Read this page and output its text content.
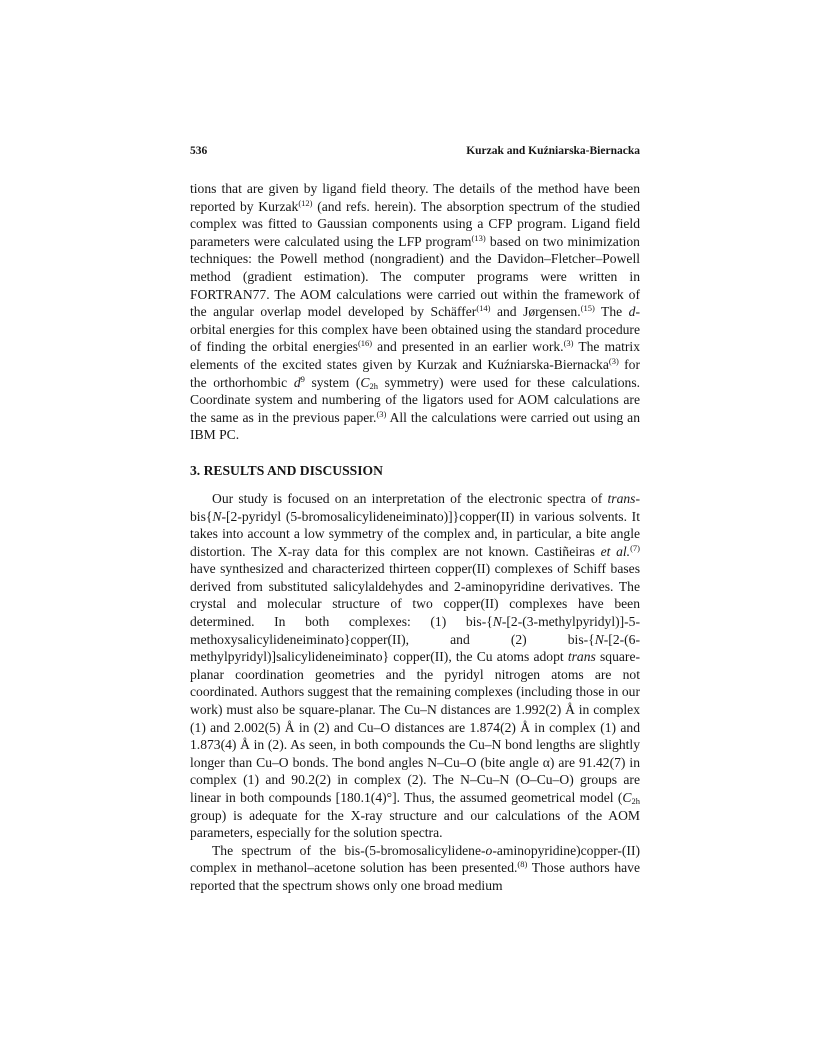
536	Kurzak and Kuźniarska-Biernacka

tions that are given by ligand field theory. The details of the method have been reported by Kurzak$^{(12)}$ (and refs. herein). The absorption spectrum of the studied complex was fitted to Gaussian components using a CFP program. Ligand field parameters were calculated using the LFP program$^{(13)}$ based on two minimization techniques: the Powell method (nongradient) and the Davidon–Fletcher–Powell method (gradient estimation). The computer programs were written in FORTRAN77. The AOM calculations were carried out within the framework of the angular overlap model developed by Schäffer$^{(14)}$ and Jørgensen.$^{(15)}$ The d-orbital energies for this complex have been obtained using the standard procedure of finding the orbital energies$^{(16)}$ and presented in an earlier work.$^{(3)}$ The matrix elements of the excited states given by Kurzak and Kuźniarska-Biernacka$^{(3)}$ for the orthorhombic $d^9$ system ($C_{2h}$ symmetry) were used for these calculations. Coordinate system and numbering of the ligators used for AOM calculations are the same as in the previous paper.$^{(3)}$ All the calculations were carried out using an IBM PC.

3. RESULTS AND DISCUSSION

Our study is focused on an interpretation of the electronic spectra of trans-bis{N-[2-pyridyl (5-bromosalicylideneiminato)]}copper(II) in various solvents. It takes into account a low symmetry of the complex and, in particular, a bite angle distortion. The X-ray data for this complex are not known. Castiñeiras et al.$^{(7)}$ have synthesized and characterized thirteen copper(II) complexes of Schiff bases derived from substituted salicylaldehydes and 2-aminopyridine derivatives. The crystal and molecular structure of two copper(II) complexes have been determined. In both complexes: (1) bis-{N-[2-(3-methylpyridyl)]-5-methoxysalicylideneiminato}copper(II), and (2) bis-{N-[2-(6-methylpyridyl)]salicylideneiminato} copper(II), the Cu atoms adopt trans square-planar coordination geometries and the pyridyl nitrogen atoms are not coordinated. Authors suggest that the remaining complexes (including those in our work) must also be square-planar. The Cu–N distances are 1.992(2) Å in complex (1) and 2.002(5) Å in (2) and Cu–O distances are 1.874(2) Å in complex (1) and 1.873(4) Å in (2). As seen, in both compounds the Cu–N bond lengths are slightly longer than Cu–O bonds. The bond angles N–Cu–O (bite angle α) are 91.42(7) in complex (1) and 90.2(2) in complex (2). The N–Cu–N (O–Cu–O) groups are linear in both compounds [180.1(4)°]. Thus, the assumed geometrical model ($C_{2h}$ group) is adequate for the X-ray structure and our calculations of the AOM parameters, especially for the solution spectra.

The spectrum of the bis-(5-bromosalicylidene-o-aminopyridine)copper-(II) complex in methanol–acetone solution has been presented.$^{(8)}$ Those authors have reported that the spectrum shows only one broad medium
